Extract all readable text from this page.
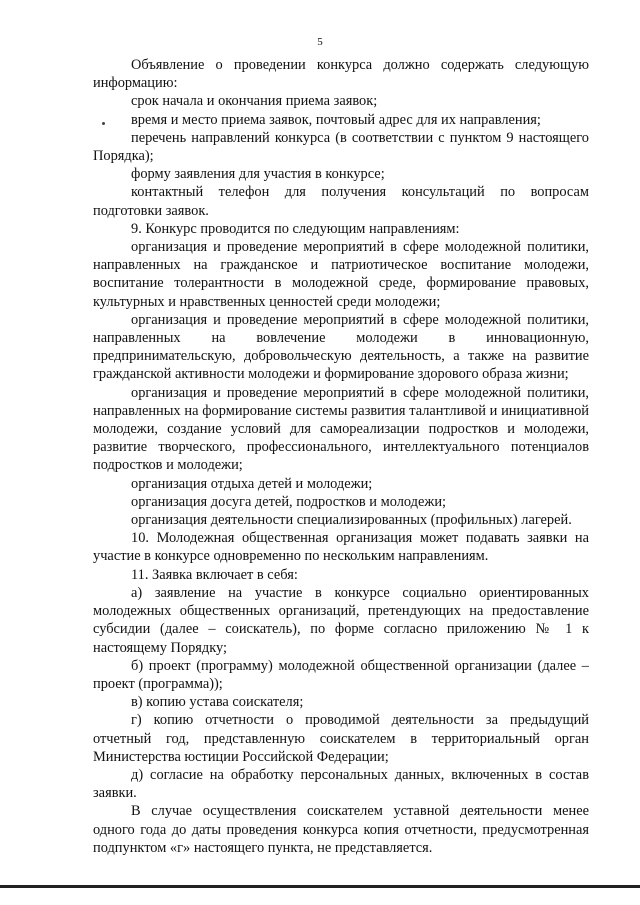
5

Объявление о проведении конкурса должно содержать следующую информацию:

срок начала и окончания приема заявок;

время и место приема заявок, почтовый адрес для их направления;

перечень направлений конкурса (в соответствии с пунктом 9 настоящего Порядка);

форму заявления для участия в конкурсе;

контактный телефон для получения консультаций по вопросам подготовки заявок.

9. Конкурс проводится по следующим направлениям:

организация и проведение мероприятий в сфере молодежной политики, направленных на гражданское и патриотическое воспитание молодежи, воспитание толерантности в молодежной среде, формирование правовых, культурных и нравственных ценностей среди молодежи;

организация и проведение мероприятий в сфере молодежной политики, направленных на вовлечение молодежи в инновационную, предпринимательскую, добровольческую деятельность, а также на развитие гражданской активности молодежи и формирование здорового образа жизни;

организация и проведение мероприятий в сфере молодежной политики, направленных на формирование системы развития талантливой и инициативной молодежи, создание условий для самореализации подростков и молодежи, развитие творческого, профессионального, интеллектуального потенциалов подростков и молодежи;

организация отдыха детей и молодежи;

организация досуга детей, подростков и молодежи;

организация деятельности специализированных (профильных) лагерей.

10. Молодежная общественная организация может подавать заявки на участие в конкурсе одновременно по нескольким направлениям.

11. Заявка включает в себя:

а) заявление на участие в конкурсе социально ориентированных молодежных общественных организаций, претендующих на предоставление субсидии (далее – соискатель), по форме согласно приложению № 1 к настоящему Порядку;

б) проект (программу) молодежной общественной организации (далее – проект (программа));

в) копию устава соискателя;

г) копию отчетности о проводимой деятельности за предыдущий отчетный год, представленную соискателем в территориальный орган Министерства юстиции Российской Федерации;

д) согласие на обработку персональных данных, включенных в состав заявки.

В случае осуществления соискателем уставной деятельности менее одного года до даты проведения конкурса копия отчетности, предусмотренная подпунктом «г» настоящего пункта, не представляется.
